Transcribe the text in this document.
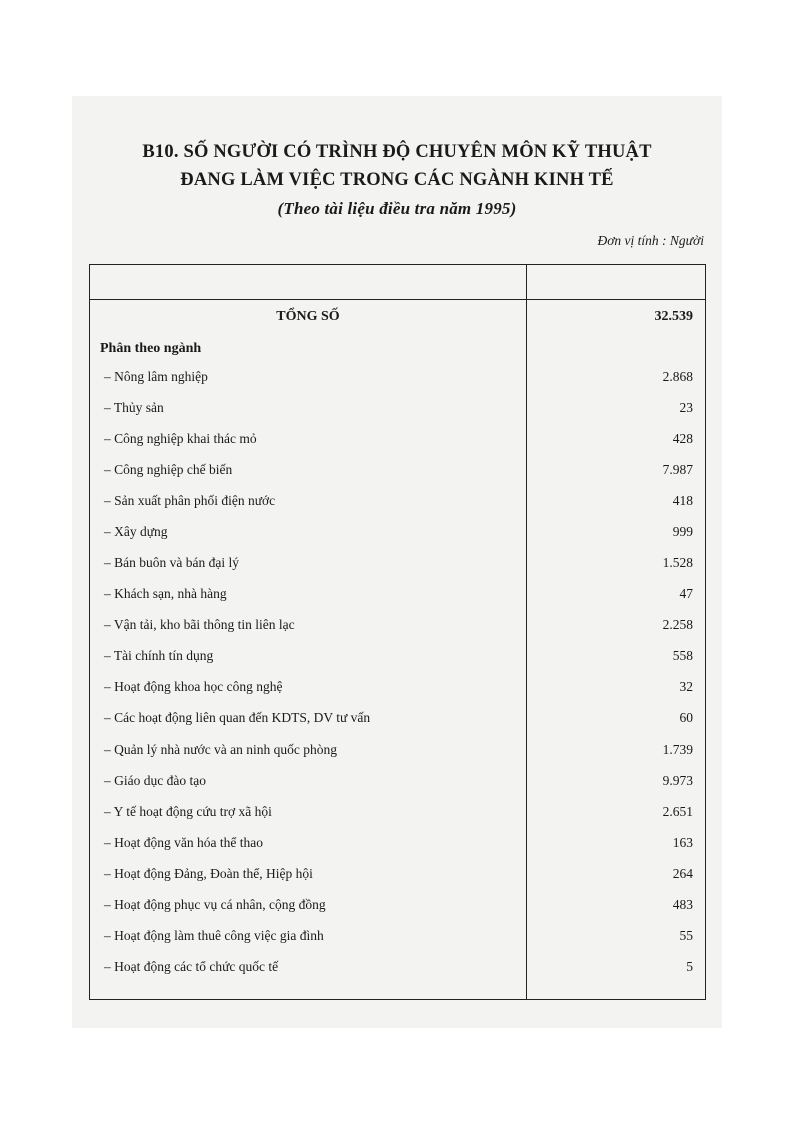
B10. SỐ NGƯỜI CÓ TRÌNH ĐỘ CHUYÊN MÔN KỸ THUẬT
ĐANG LÀM VIỆC TRONG CÁC NGÀNH KINH TẾ
(Theo tài liệu điều tra năm 1995)
Đơn vị tính : Người
TỔNG SỐ	32.539
Phân theo ngành
– Nông lâm nghiệp	2.868
– Thủy sản	23
– Công nghiệp khai thác mỏ	428
– Công nghiệp chế biến	7.987
– Sản xuất phân phối điện nước	418
– Xây dựng	999
– Bán buôn và bán đại lý	1.528
– Khách sạn, nhà hàng	47
– Vận tải, kho bãi thông tin liên lạc	2.258
– Tài chính tín dụng	558
– Hoạt động khoa học công nghệ	32
– Các hoạt động liên quan đến KDTS, DV tư vấn	60
– Quản lý nhà nước và an ninh quốc phòng	1.739
– Giáo dục đào tạo	9.973
– Y tế hoạt động cứu trợ xã hội	2.651
– Hoạt động văn hóa thể thao	163
– Hoạt động Đảng, Đoàn thể, Hiệp hội	264
– Hoạt động phục vụ cá nhân, cộng đồng	483
– Hoạt động làm thuê công việc gia đình	55
– Hoạt động các tổ chức quốc tế	5
